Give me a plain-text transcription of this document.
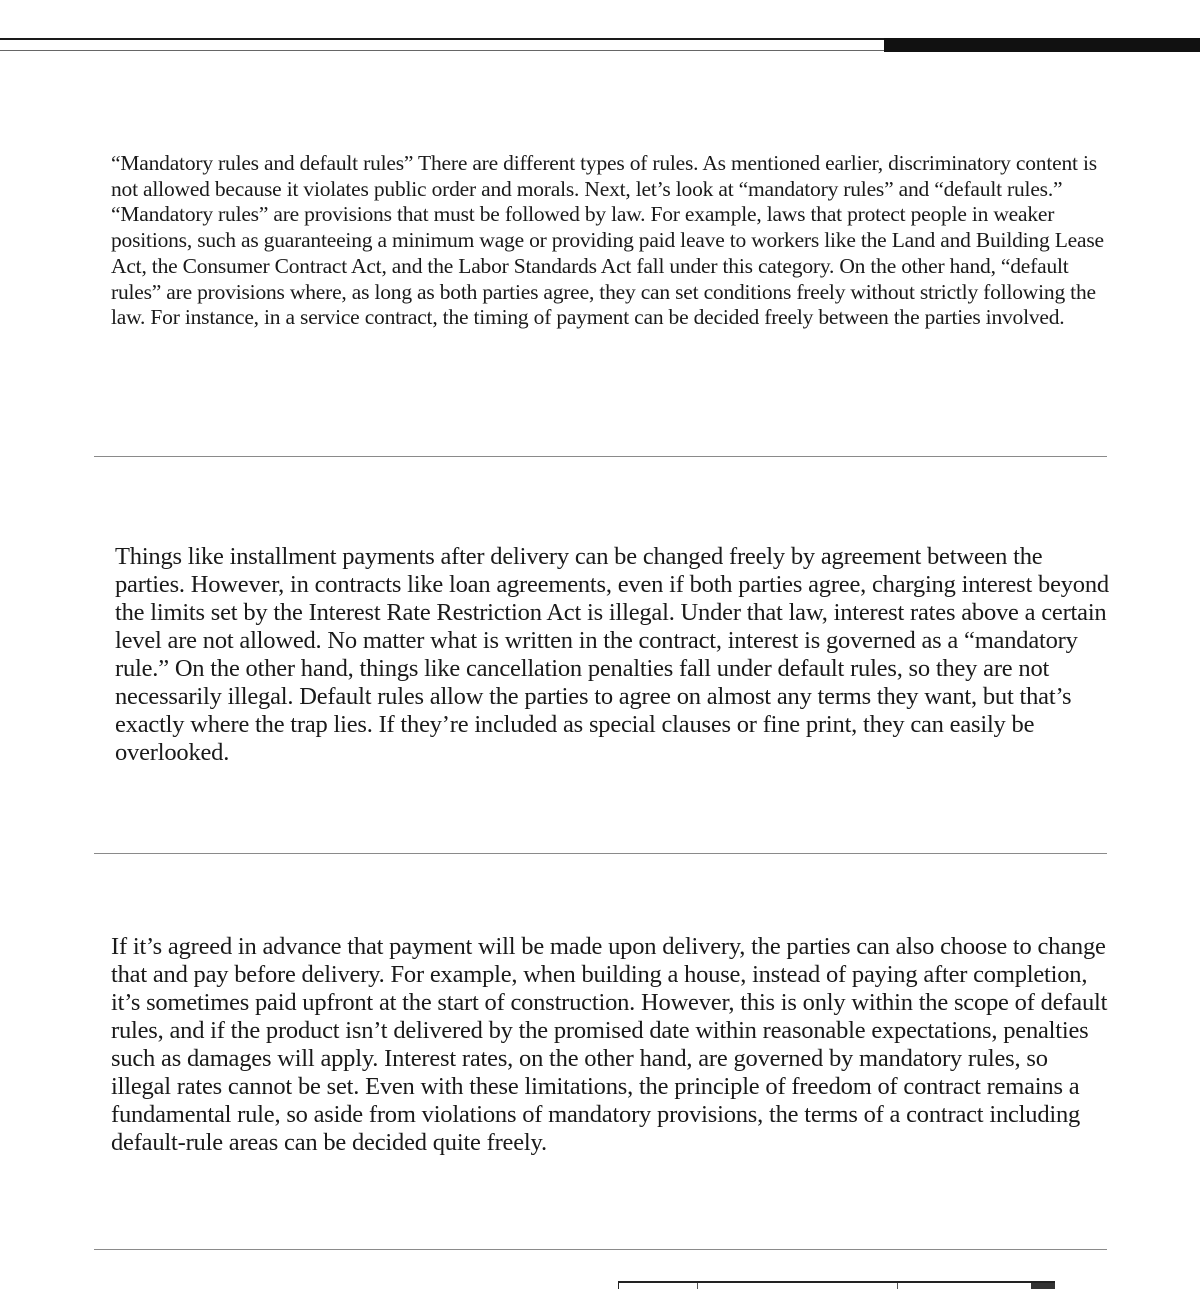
“Mandatory rules and default rules” There are different types of rules. As mentioned earlier, discriminatory content is not allowed because it violates public order and morals. Next, let’s look at “mandatory rules” and “default rules.” “Mandatory rules” are provisions that must be followed by law. For example, laws that protect people in weaker positions, such as guaranteeing a minimum wage or providing paid leave to workers like the Land and Building Lease Act, the Consumer Contract Act, and the Labor Standards Act fall under this category. On the other hand, “default rules” are provisions where, as long as both parties agree, they can set conditions freely without strictly following the law. For instance, in a service contract, the timing of payment can be decided freely between the parties involved.

Things like installment payments after delivery can be changed freely by agreement between the parties. However, in contracts like loan agreements, even if both parties agree, charging interest beyond the limits set by the Interest Rate Restriction Act is illegal. Under that law, interest rates above a certain level are not allowed. No matter what is written in the contract, interest is governed as a “mandatory rule.” On the other hand, things like cancellation penalties fall under default rules, so they are not necessarily illegal. Default rules allow the parties to agree on almost any terms they want, but that’s exactly where the trap lies. If they’re included as special clauses or fine print, they can easily be overlooked.

If it’s agreed in advance that payment will be made upon delivery, the parties can also choose to change that and pay before delivery. For example, when building a house, instead of paying after completion, it’s sometimes paid upfront at the start of construction. However, this is only within the scope of default rules, and if the product isn’t delivered by the promised date within reasonable expectations, penalties such as damages will apply. Interest rates, on the other hand, are governed by mandatory rules, so illegal rates cannot be set. Even with these limitations, the principle of freedom of contract remains a fundamental rule, so aside from violations of mandatory provisions, the terms of a contract including default-rule areas can be decided quite freely.
